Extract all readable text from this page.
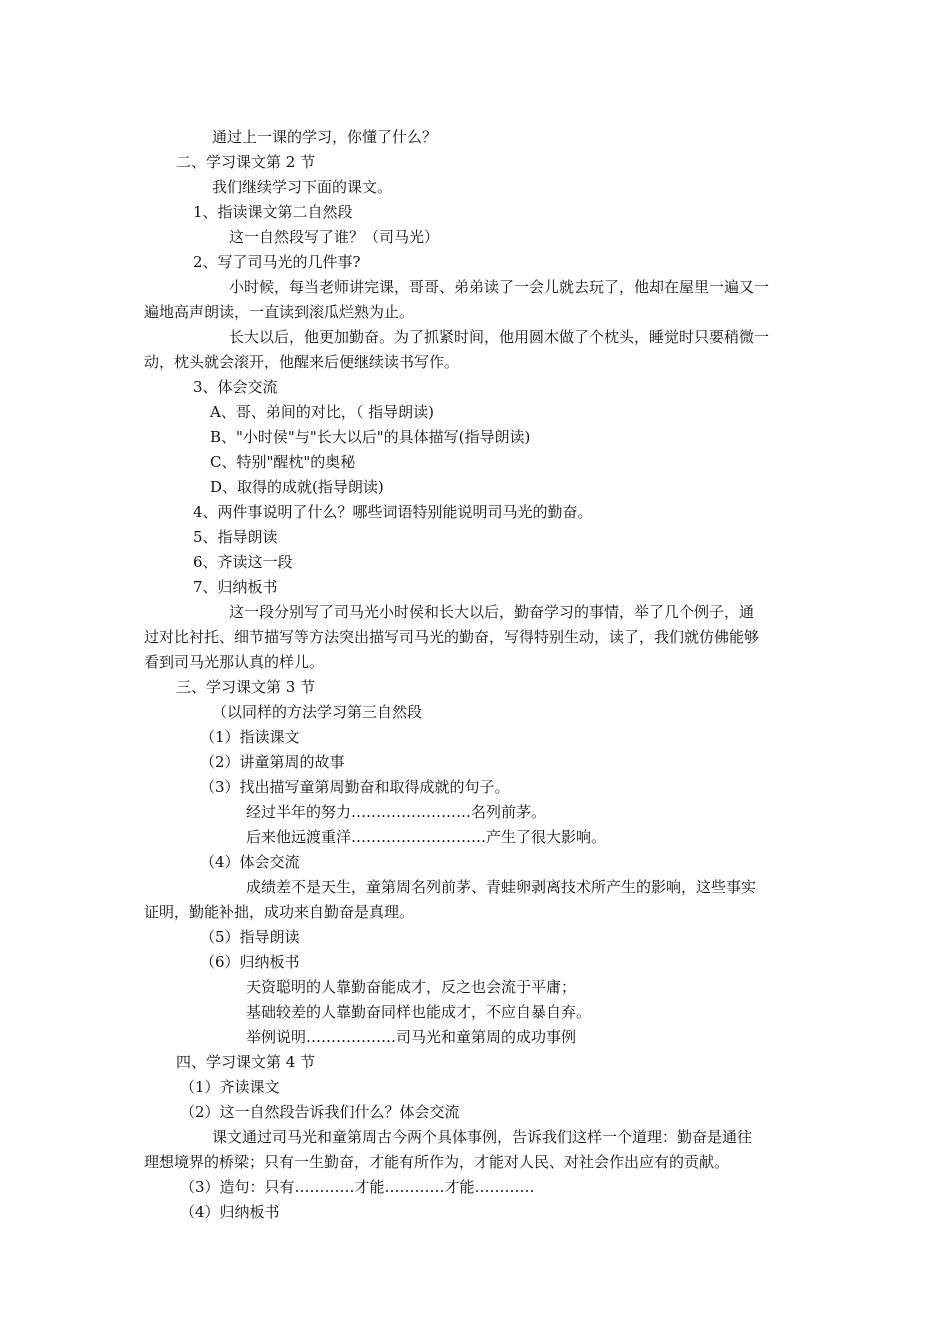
通过上一课的学习，你懂了什么？

二、学习课文第 2 节

我们继续学习下面的课文。

1、指读课文第二自然段

这一自然段写了谁？（司马光）

2、写了司马光的几件事?

小时候，每当老师讲完课，哥哥、弟弟读了一会儿就去玩了，他却在屋里一遍又一

遍地高声朗读，一直读到滚瓜烂熟为止。

长大以后，他更加勤奋。为了抓紧时间，他用圆木做了个枕头，睡觉时只要稍微一

动，枕头就会滚开，他醒来后便继续读书写作。

3、体会交流

A、哥、弟间的对比，（ 指导朗读)

B、"小时侯"与"长大以后"的具体描写(指导朗读)

C、特别"醒枕"的奥秘

D、取得的成就(指导朗读)

4、两件事说明了什么？哪些词语特别能说明司马光的勤奋。

5、指导朗读

6、齐读这一段

7、归纳板书

这一段分别写了司马光小时侯和长大以后，勤奋学习的事情，举了几个例子，通

过对比衬托、细节描写等方法突出描写司马光的勤奋，写得特别生动，读了，我们就仿佛能够

看到司马光那认真的样儿。

三、学习课文第 3 节

（以同样的方法学习第三自然段

（1）指读课文

（2）讲童第周的故事

（3）找出描写童第周勤奋和取得成就的句子。

经过半年的努力……………………名列前茅。

后来他远渡重洋………………………产生了很大影响。

（4）体会交流

成绩差不是天生，童第周名列前茅、青蛙卵剥离技术所产生的影响，这些事实

证明，勤能补拙，成功来自勤奋是真理。

（5）指导朗读

（6）归纳板书

天资聪明的人靠勤奋能成才，反之也会流于平庸；

基础较差的人靠勤奋同样也能成才，不应自暴自弃。

举例说明………………司马光和童第周的成功事例

四、学习课文第 4 节

（1）齐读课文

（2）这一自然段告诉我们什么？体会交流

课文通过司马光和童第周古今两个具体事例，告诉我们这样一个道理：勤奋是通往

理想境界的桥梁；只有一生勤奋，才能有所作为，才能对人民、对社会作出应有的贡献。

（3）造句：只有…………才能…………才能…………

（4）归纳板书
